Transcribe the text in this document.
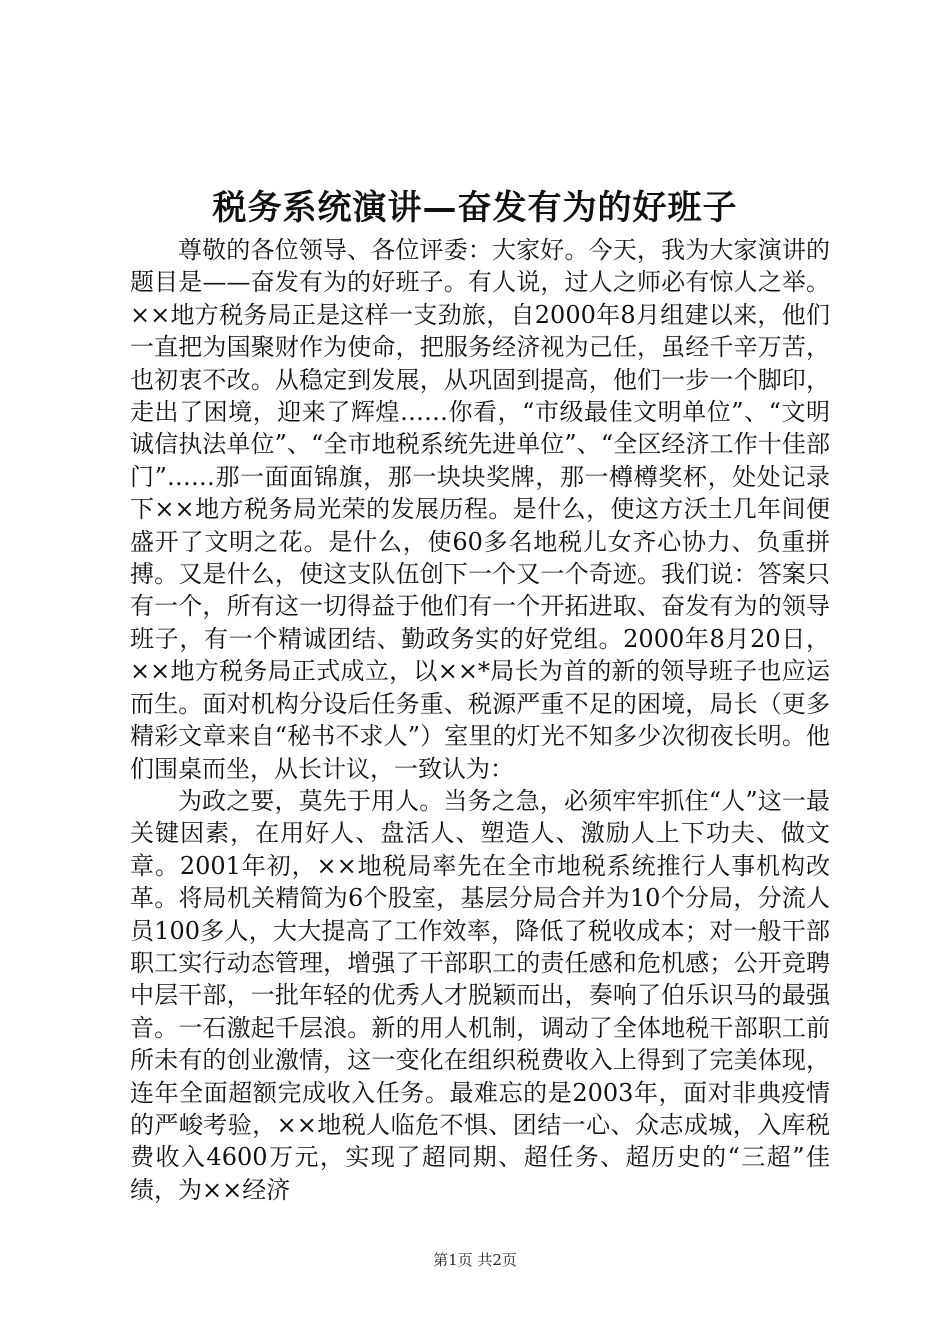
税务系统演讲—奋发有为的好班子

尊敬的各位领导、各位评委：大家好。今天，我为大家演讲的题目是——奋发有为的好班子。有人说，过人之师必有惊人之举。××地方税务局正是这样一支劲旅，自2000年8月组建以来，他们一直把为国聚财作为使命，把服务经济视为己任，虽经千辛万苦，也初衷不改。从稳定到发展，从巩固到提高，他们一步一个脚印，走出了困境，迎来了辉煌……你看，“市级最佳文明单位”、“文明诚信执法单位”、“全市地税系统先进单位”、“全区经济工作十佳部门”……那一面面锦旗，那一块块奖牌，那一樽樽奖杯，处处记录下××地方税务局光荣的发展历程。是什么，使这方沃土几年间便盛开了文明之花。是什么，使60多名地税儿女齐心协力、负重拼搏。又是什么，使这支队伍创下一个又一个奇迹。我们说：答案只有一个，所有这一切得益于他们有一个开拓进取、奋发有为的领导班子，有一个精诚团结、勤政务实的好党组。2000年8月20日，××地方税务局正式成立，以××*局长为首的新的领导班子也应运而生。面对机构分设后任务重、税源严重不足的困境，局长（更多精彩文章来自“秘书不求人”）室里的灯光不知多少次彻夜长明。他们围桌而坐，从长计议，一致认为：

为政之要，莫先于用人。当务之急，必须牢牢抓住“人”这一最关键因素，在用好人、盘活人、塑造人、激励人上下功夫、做文章。2001年初，××地税局率先在全市地税系统推行人事机构改革。将局机关精简为6个股室，基层分局合并为10个分局，分流人员100多人，大大提高了工作效率，降低了税收成本；对一般干部职工实行动态管理，增强了干部职工的责任感和危机感；公开竞聘中层干部，一批年轻的优秀人才脱颖而出，奏响了伯乐识马的最强音。一石激起千层浪。新的用人机制，调动了全体地税干部职工前所未有的创业激情，这一变化在组织税费收入上得到了完美体现，连年全面超额完成收入任务。最难忘的是2003年，面对非典疫情的严峻考验，××地税人临危不惧、团结一心、众志成城，入库税费收入4600万元，实现了超同期、超任务、超历史的“三超”佳绩，为××经济

第1页 共2页
